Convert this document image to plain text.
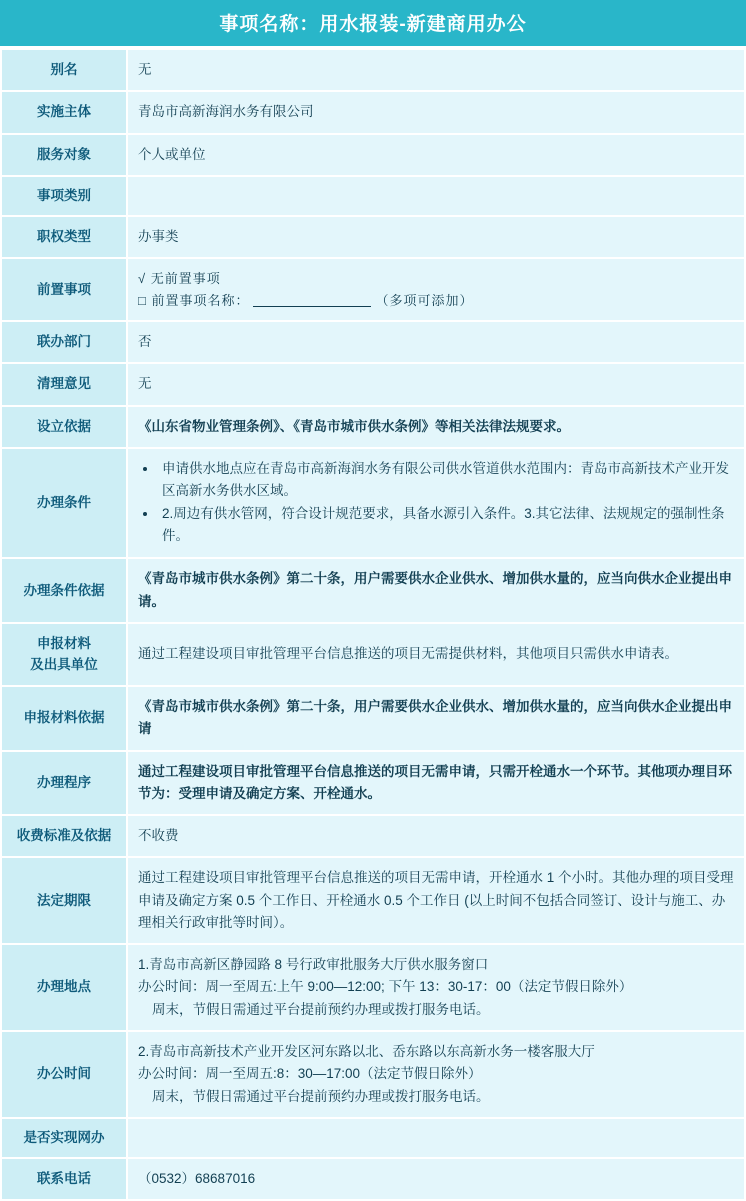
事项名称：用水报装-新建商用办公
别名	无
实施主体	青岛市高新海润水务有限公司
服务对象	个人或单位
事项类别	
职权类型	办事类
前置事项	√ 无前置事项

□ 前置事项名称： （多项可添加）

联办部门	否
清理意见	无
设立依据	《山东省物业管理条例》、《青岛市城市供水条例》等相关法律法规要求。
办理条件	
• 申请供水地点应在青岛市高新海润水务有限公司供水管道供水范围内：青岛市高新技术产业开发区高新水务供水区域。
• 2.周边有供水管网，符合设计规范要求，具备水源引入条件。3.其它法律、法规规定的强制性条件。

办理条件依据	《青岛市城市供水条例》第二十条，用户需要供水企业供水、增加供水量的，应当向供水企业提出申请。

申报材料
及出具单位	通过工程建设项目审批管理平台信息推送的项目无需提供材料，其他项目只需供水申请表。
申报材料依据	《青岛市城市供水条例》第二十条，用户需要供水企业供水、增加供水量的，应当向供水企业提出申请
办理程序	通过工程建设项目审批管理平台信息推送的项目无需申请，只需开栓通水一个环节。其他项办理目环节为：受理申请及确定方案、开栓通水。
收费标准及依据	不收费
法定期限	通过工程建设项目审批管理平台信息推送的项目无需申请，开栓通水 1 个小时。其他办理的项目受理申请及确定方案 0.5 个工作日、开栓通水 0.5 个工作日 (以上时间不包括合同签订、设计与施工、办理相关行政审批等时间）。
办理地点	1.青岛市高新区静园路 8 号行政审批服务大厅供水服务窗口

办公时间：周一至周五:上午 9:00—12:00; 下午 13：30-17：00（法定节假日除外）

周末，节假日需通过平台提前预约办理或拨打服务电话。

办公时间	2.青岛市高新技术产业开发区河东路以北、岙东路以东高新水务一楼客服大厅

办公时间：周一至周五:8：30—17:00（法定节假日除外）

周末，节假日需通过平台提前预约办理或拨打服务电话。

是否实现网办	
联系电话	（0532）68687016
